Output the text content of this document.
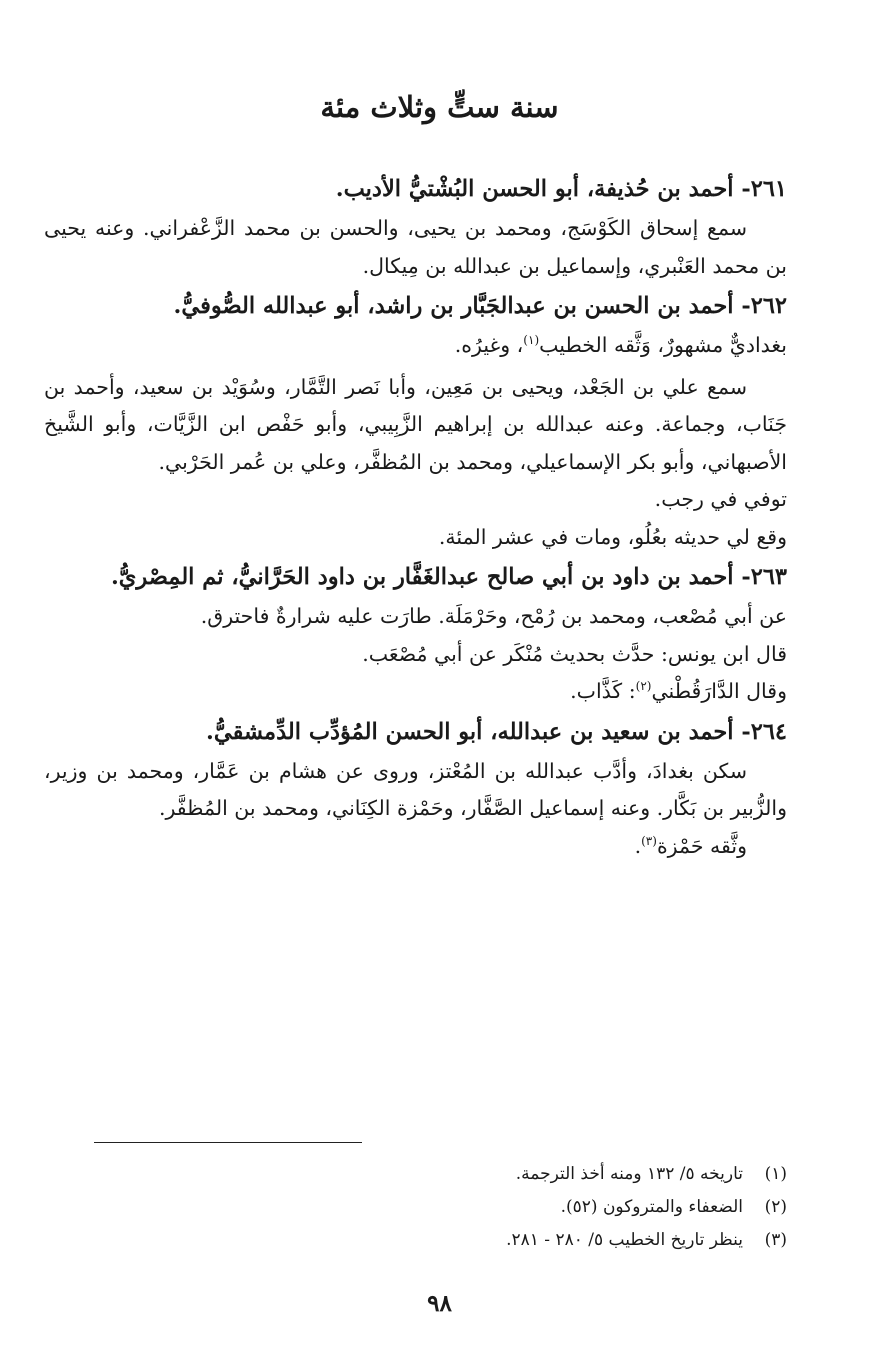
سنة ستٍّ وثلاث مئة

٢٦١- أحمد بن حُذيفة، أبو الحسن البُشْتيُّ الأديب.

سمع إسحاق الكَوْسَج، ومحمد بن يحيى، والحسن بن محمد الزَّعْفراني. وعنه يحيى بن محمد العَنْبري، وإسماعيل بن عبدالله بن مِيكال.

٢٦٢- أحمد بن الحسن بن عبدالجَبَّار بن راشد، أبو عبدالله الصُّوفيُّ.

بغداديٌّ مشهورٌ، وَثَّقه الخطيب$^{(١)}$، وغيرُه.

سمع علي بن الجَعْد، ويحيى بن مَعِين، وأبا نَصر التَّمَّار، وسُوَيْد بن سعيد، وأحمد بن جَنَاب، وجماعة. وعنه عبدالله بن إبراهيم الزَّبِيبي، وأبو حَفْص ابن الزَّيَّات، وأبو الشَّيخ الأصبهاني، وأبو بكر الإسماعيلي، ومحمد بن المُظفَّر، وعلي بن عُمر الحَرْبي.

توفي في رجب.

وقع لي حديثه بعُلُو، ومات في عشر المئة.

٢٦٣- أحمد بن داود بن أبي صالح عبدالغَفَّار بن داود الحَرَّانيُّ، ثم المِصْريُّ.

عن أبي مُصْعب، ومحمد بن رُمْح، وحَرْمَلَة. طارَت عليه شرارةٌ فاحترق.

قال ابن يونس: حدَّث بحديث مُنْكَر عن أبي مُصْعَب.

وقال الدَّارَقُطْني$^{(٢)}$: كَذَّاب.

٢٦٤- أحمد بن سعيد بن عبدالله، أبو الحسن المُؤدِّب الدِّمشقيُّ.

سكن بغدادَ، وأدَّب عبدالله بن المُعْتز، وروى عن هشام بن عَمَّار، ومحمد بن وزير، والزُّبير بن بَكَّار. وعنه إسماعيل الصَّفَّار، وحَمْزة الكِنَاني، ومحمد بن المُظفَّر.

وثَّقه حَمْزة$^{(٣)}$.

(١)تاريخه ٥/ ١٣٢ ومنه أخذ الترجمة.

(٢)الضعفاء والمتروكون (٥٢).

(٣)ينظر تاريخ الخطيب ٥/ ٢٨٠ - ٢٨١.

٩٨
